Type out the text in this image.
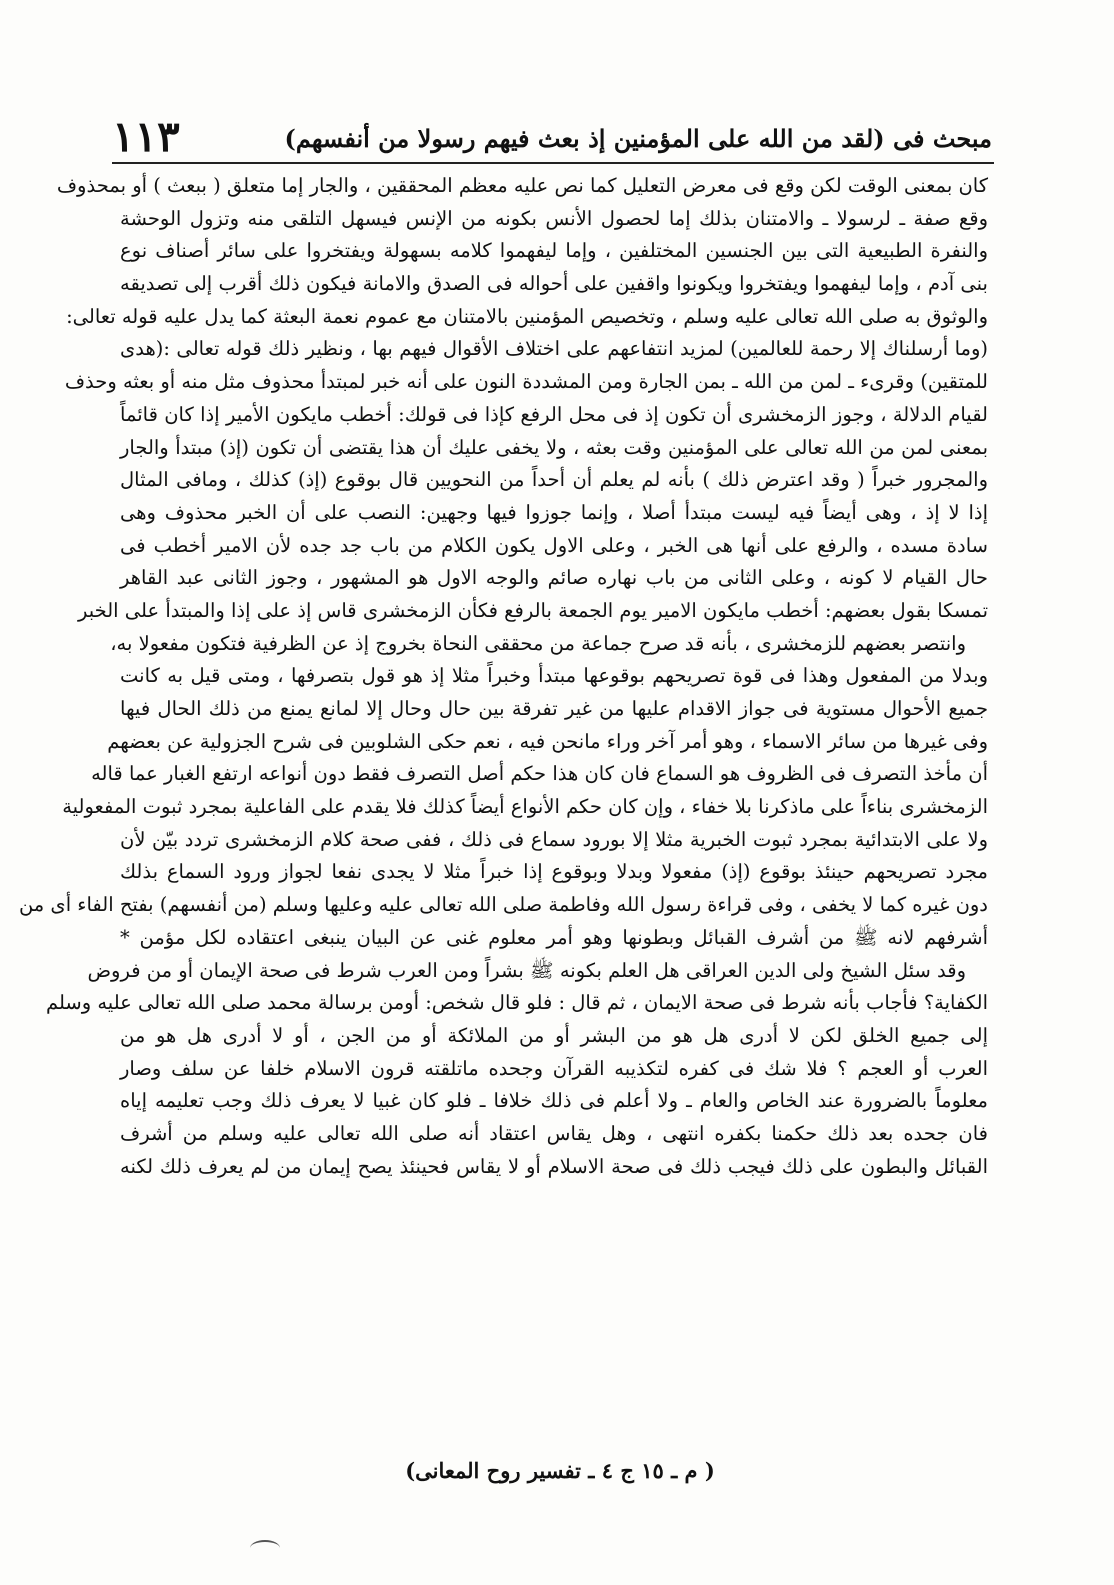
١١٣	مبحث فى (لقد من الله على المؤمنين إذ بعث فيهم رسولا من أنفسهم)
كان بمعنى الوقت لكن وقع فى معرض التعليل كما نص عليه معظم المحققين ، والجار إما متعلق ( ببعث ) أو بمحذوف
وقع صفة ـ لرسولا ـ والامتنان بذلك إما لحصول الأنس بكونه من الإنس فيسهل التلقى منه وتزول الوحشة
والنفرة الطبيعية التى بين الجنسين المختلفين ، وإما ليفهموا كلامه بسهولة ويفتخروا على سائر أصناف نوع
بنى آدم ، وإما ليفهموا ويفتخروا ويكونوا واقفين على أحواله فى الصدق والامانة فيكون ذلك أقرب إلى تصديقه
والوثوق به صلى الله تعالى عليه وسلم ، وتخصيص المؤمنين بالامتنان مع عموم نعمة البعثة كما يدل عليه قوله تعالى:
(وما أرسلناك إلا رحمة للعالمين) لمزيد انتفاعهم على اختلاف الأقوال فيهم بها ، ونظير ذلك قوله تعالى :(هدى
للمتقين) وقرىء ـ لمن من الله ـ بمن الجارة ومن المشددة النون على أنه خبر لمبتدأ محذوف مثل منه أو بعثه وحذف
لقيام الدلالة ، وجوز الزمخشرى أن تكون إذ فى محل الرفع كإذا فى قولك: أخطب مايكون الأمير إذا كان قائماً
بمعنى لمن من الله تعالى على المؤمنين وقت بعثه ، ولا يخفى عليك أن هذا يقتضى أن تكون (إذ) مبتدأ والجار
والمجرور خبراً ( وقد اعترض ذلك ) بأنه لم يعلم أن أحداً من النحويين قال بوقوع (إذ) كذلك ، ومافى المثال
إذا لا إذ ، وهى أيضاً فيه ليست مبتدأ أصلا ، وإنما جوزوا فيها وجهين: النصب على أن الخبر محذوف وهى
سادة مسده ، والرفع على أنها هى الخبر ، وعلى الاول يكون الكلام من باب جد جده لأن الامير أخطب فى
حال القيام لا كونه ، وعلى الثانى من باب نهاره صائم والوجه الاول هو المشهور ، وجوز الثانى عبد القاهر
تمسكا بقول بعضهم: أخطب مايكون الامير يوم الجمعة بالرفع فكأن الزمخشرى قاس إذ على إذا والمبتدأ على الخبر
وانتصر بعضهم للزمخشرى ، بأنه قد صرح جماعة من محققى النحاة بخروج إذ عن الظرفية فتكون مفعولا به،
وبدلا من المفعول وهذا فى قوة تصريحهم بوقوعها مبتدأ وخبراً مثلا إذ هو قول بتصرفها ، ومتى قيل به كانت
جميع الأحوال مستوية فى جواز الاقدام عليها من غير تفرقة بين حال وحال إلا لمانع يمنع من ذلك الحال فيها
وفى غيرها من سائر الاسماء ، وهو أمر آخر وراء مانحن فيه ، نعم حكى الشلوبين فى شرح الجزولية عن بعضهم
أن مأخذ التصرف فى الظروف هو السماع فان كان هذا حكم أصل التصرف فقط دون أنواعه ارتفع الغبار عما قاله
الزمخشرى بناءاً على ماذكرنا بلا خفاء ، وإن كان حكم الأنواع أيضاً كذلك فلا يقدم على الفاعلية بمجرد ثبوت المفعولية
ولا على الابتدائية بمجرد ثبوت الخبرية مثلا إلا بورود سماع فى ذلك ، ففى صحة كلام الزمخشرى تردد بيّن لأن
مجرد تصريحهم حينئذ بوقوع (إذ) مفعولا وبدلا وبوقوع إذا خبراً مثلا لا يجدى نفعا لجواز ورود السماع بذلك
دون غيره كما لا يخفى ، وفى قراءة رسول الله وفاطمة صلى الله تعالى عليه وعليها وسلم (من أنفسهم) بفتح الفاء أى من
أشرفهم لانه ﷺ من أشرف القبائل وبطونها وهو أمر معلوم غنى عن البيان ينبغى اعتقاده لكل مؤمن *
وقد سئل الشيخ ولى الدين العراقى هل العلم بكونه ﷺ بشراً ومن العرب شرط فى صحة الإيمان أو من فروض
الكفاية؟ فأجاب بأنه شرط فى صحة الايمان ، ثم قال : فلو قال شخص: أومن برسالة محمد صلى الله تعالى عليه وسلم
إلى جميع الخلق لكن لا أدرى هل هو من البشر أو من الملائكة أو من الجن ، أو لا أدرى هل هو من
العرب أو العجم ؟ فلا شك فى كفره لتكذيبه القرآن وجحده ماتلقته قرون الاسلام خلفا عن سلف وصار
معلوماً بالضرورة عند الخاص والعام ـ ولا أعلم فى ذلك خلافا ـ فلو كان غبيا لا يعرف ذلك وجب تعليمه إياه
فان جحده بعد ذلك حكمنا بكفره انتهى ، وهل يقاس اعتقاد أنه صلى الله تعالى عليه وسلم من أشرف
القبائل والبطون على ذلك فيجب ذلك فى صحة الاسلام أو لا يقاس فحينئذ يصح إيمان من لم يعرف ذلك لكنه
( م ـ ١٥ ج ٤ ـ تفسير روح المعانى)
